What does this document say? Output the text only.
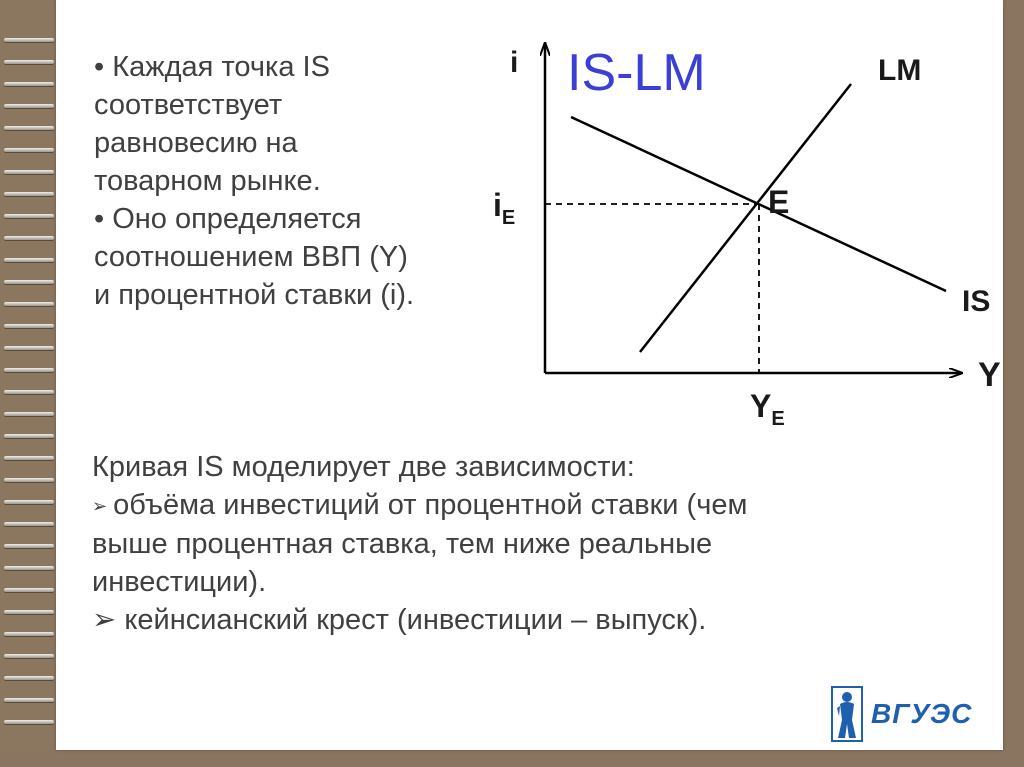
• Каждая точка IS

соответствует

равновесию на

товарном рынке.

• Оно определяется

соотношением ВВП (Y)

и процентной ставки (i).

IS-LM
i
Y
LM
IS
E
$i_E$
$Y_E$

Кривая IS моделирует две зависимости:

➢ объёма инвестиций от процентной ставки (чем

выше процентная ставка, тем ниже реальные

инвестиции).

➢ кейнсианский крест (инвестиции – выпуск).

ВГУЭС
